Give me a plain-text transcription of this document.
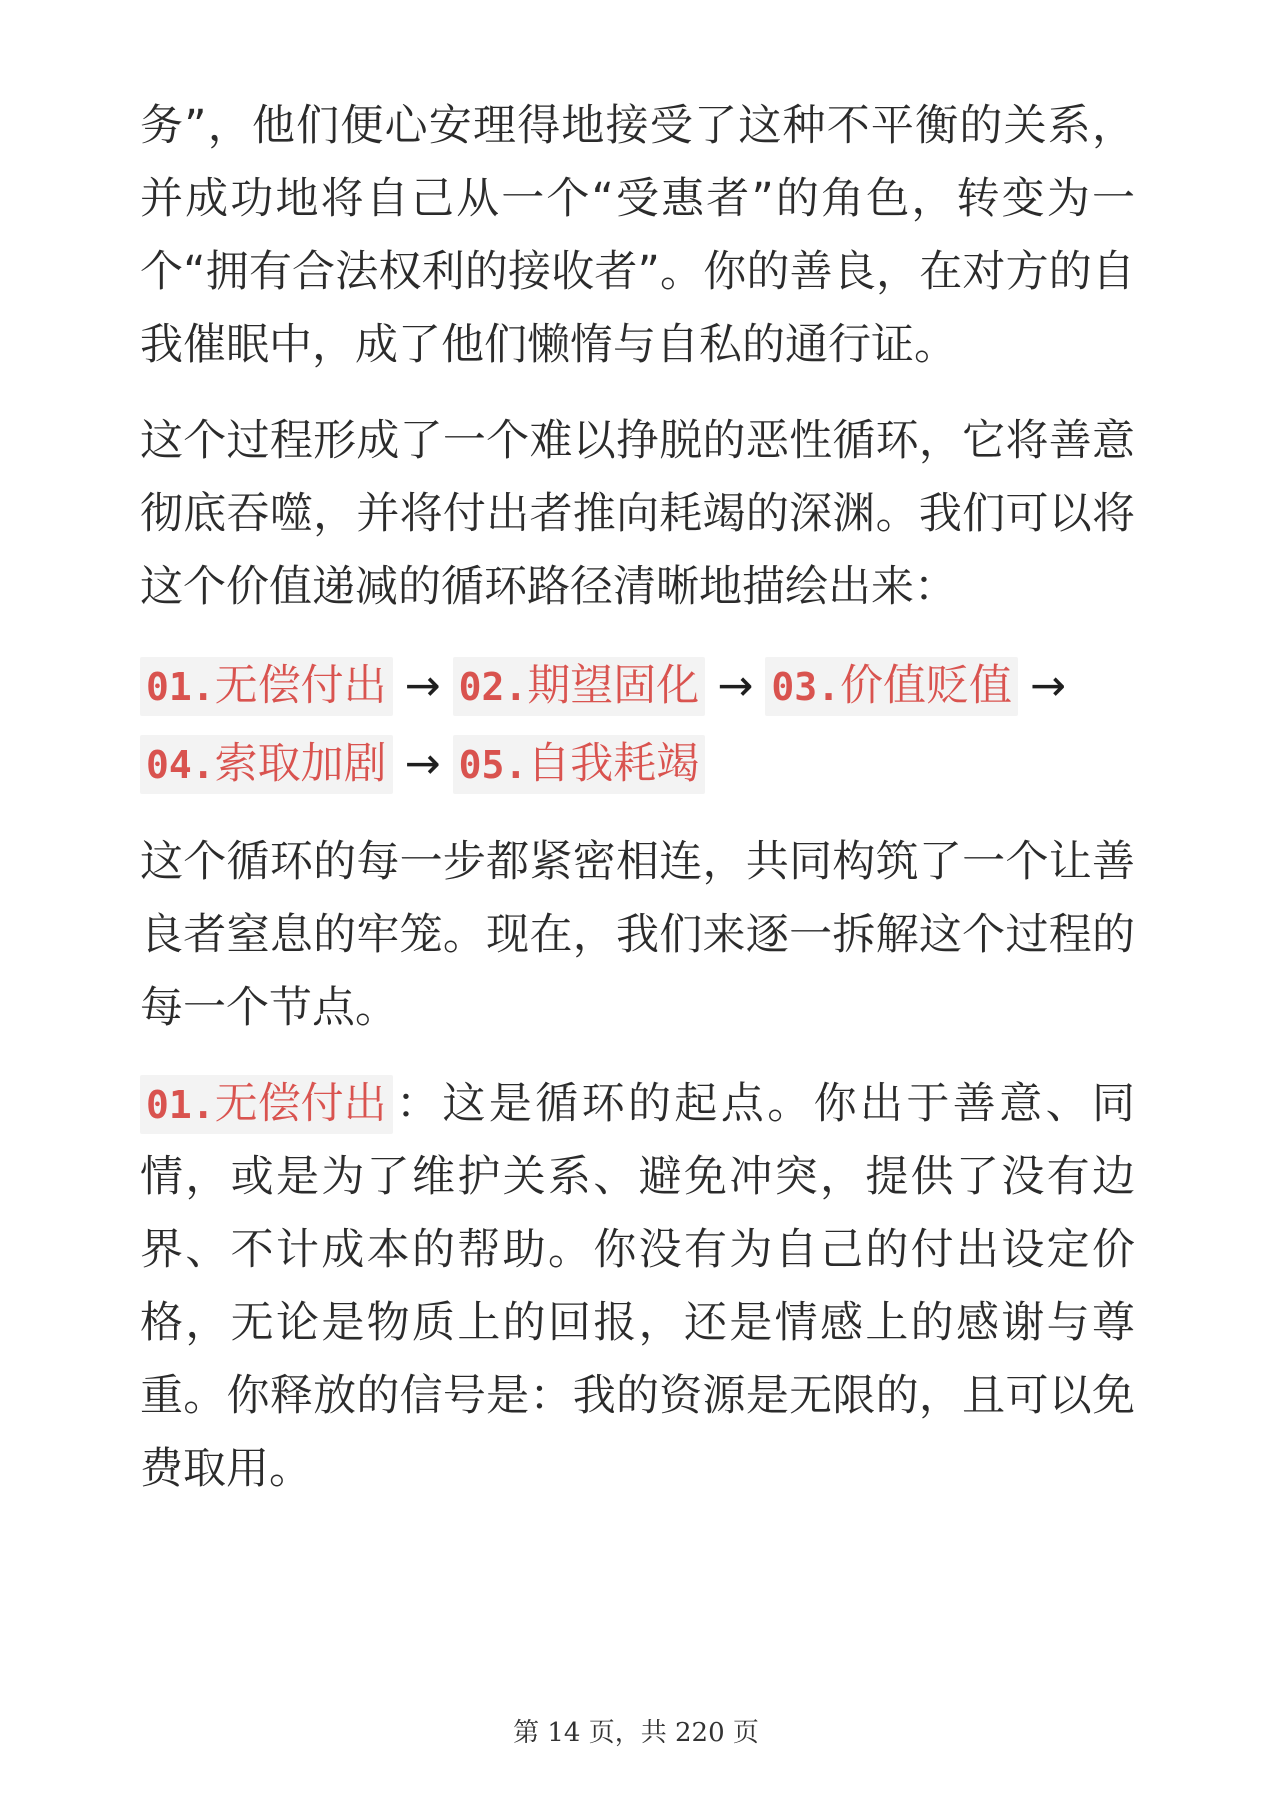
务”，他们便心安理得地接受了这种不平衡的关系，并成功地将自己从一个“受惠者”的角色，转变为一个“拥有合法权利的接收者”。你的善良，在对方的自我催眠中，成了他们懒惰与自私的通行证。

这个过程形成了一个难以挣脱的恶性循环，它将善意彻底吞噬，并将付出者推向耗竭的深渊。我们可以将这个价值递减的循环路径清晰地描绘出来：

01.无偿付出 → 02.期望固化 → 03.价值贬值 →
04.索取加剧 → 05.自我耗竭

这个循环的每一步都紧密相连，共同构筑了一个让善良者窒息的牢笼。现在，我们来逐一拆解这个过程的每一个节点。

01.无偿付出 ：这是循环的起点。你出于善意、同情，或是为了维护关系、避免冲突，提供了没有边界、不计成本的帮助。你没有为自己的付出设定价格，无论是物质上的回报，还是情感上的感谢与尊重。你释放的信号是：我的资源是无限的，且可以免费取用。

第 14 页，共 220 页
